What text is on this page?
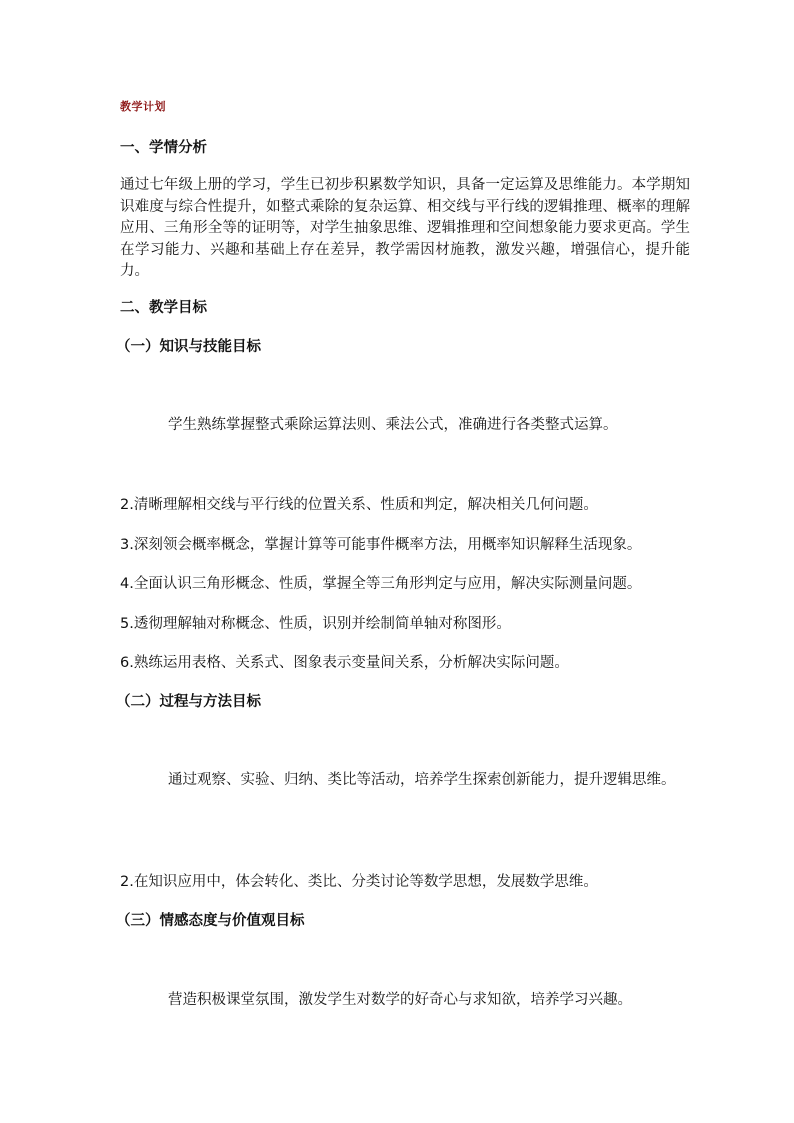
教学计划
一、学情分析
通过七年级上册的学习，学生已初步积累数学知识，具备一定运算及思维能力。本学期知识难度与综合性提升，如整式乘除的复杂运算、相交线与平行线的逻辑推理、概率的理解应用、三角形全等的证明等，对学生抽象思维、逻辑推理和空间想象能力要求更高。学生在学习能力、兴趣和基础上存在差异，教学需因材施教，激发兴趣，增强信心，提升能力。
二、教学目标
（一）知识与技能目标
学生熟练掌握整式乘除运算法则、乘法公式，准确进行各类整式运算。
2.清晰理解相交线与平行线的位置关系、性质和判定，解决相关几何问题。
3.深刻领会概率概念，掌握计算等可能事件概率方法，用概率知识解释生活现象。
4.全面认识三角形概念、性质，掌握全等三角形判定与应用，解决实际测量问题。
5.透彻理解轴对称概念、性质，识别并绘制简单轴对称图形。
6.熟练运用表格、关系式、图象表示变量间关系，分析解决实际问题。
（二）过程与方法目标
通过观察、实验、归纳、类比等活动，培养学生探索创新能力，提升逻辑思维。
2.在知识应用中，体会转化、类比、分类讨论等数学思想，发展数学思维。
（三）情感态度与价值观目标
营造积极课堂氛围，激发学生对数学的好奇心与求知欲，培养学习兴趣。
